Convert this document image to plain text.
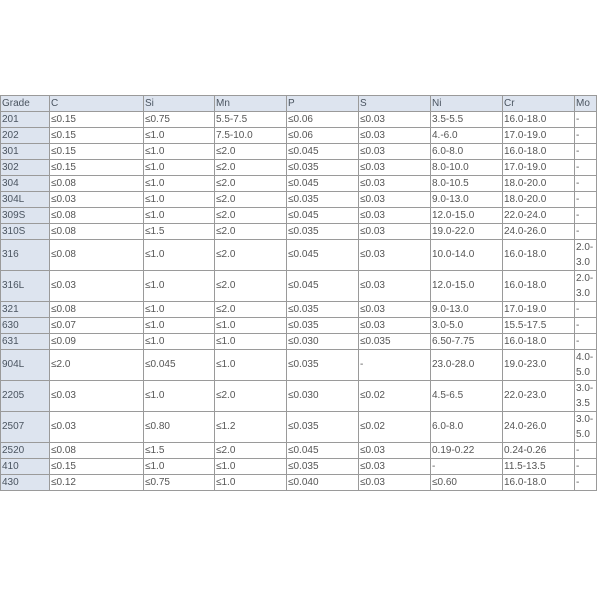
Grade	C	Si	Mn	P	S	Ni	Cr	Mo
201	≤0.15	≤0.75	5.5-7.5	≤0.06	≤0.03	3.5-5.5	16.0-18.0	-
202	≤0.15	≤1.0	7.5-10.0	≤0.06	≤0.03	4.-6.0	17.0-19.0	-
301	≤0.15	≤1.0	≤2.0	≤0.045	≤0.03	6.0-8.0	16.0-18.0	-
302	≤0.15	≤1.0	≤2.0	≤0.035	≤0.03	8.0-10.0	17.0-19.0	-
304	≤0.08	≤1.0	≤2.0	≤0.045	≤0.03	8.0-10.5	18.0-20.0	-
304L	≤0.03	≤1.0	≤2.0	≤0.035	≤0.03	9.0-13.0	18.0-20.0	-
309S	≤0.08	≤1.0	≤2.0	≤0.045	≤0.03	12.0-15.0	22.0-24.0	-
310S	≤0.08	≤1.5	≤2.0	≤0.035	≤0.03	19.0-22.0	24.0-26.0	-
316	≤0.08	≤1.0	≤2.0	≤0.045	≤0.03	10.0-14.0	16.0-18.0	2.0-3.0
316L	≤0.03	≤1.0	≤2.0	≤0.045	≤0.03	12.0-15.0	16.0-18.0	2.0-3.0
321	≤0.08	≤1.0	≤2.0	≤0.035	≤0.03	9.0-13.0	17.0-19.0	-
630	≤0.07	≤1.0	≤1.0	≤0.035	≤0.03	3.0-5.0	15.5-17.5	-
631	≤0.09	≤1.0	≤1.0	≤0.030	≤0.035	6.50-7.75	16.0-18.0	-
904L	≤2.0	≤0.045	≤1.0	≤0.035	-	23.0-28.0	19.0-23.0	4.0-5.0
2205	≤0.03	≤1.0	≤2.0	≤0.030	≤0.02	4.5-6.5	22.0-23.0	3.0-3.5
2507	≤0.03	≤0.80	≤1.2	≤0.035	≤0.02	6.0-8.0	24.0-26.0	3.0-5.0
2520	≤0.08	≤1.5	≤2.0	≤0.045	≤0.03	0.19-0.22	0.24-0.26	-
410	≤0.15	≤1.0	≤1.0	≤0.035	≤0.03	-	11.5-13.5	-
430	≤0.12	≤0.75	≤1.0	≤0.040	≤0.03	≤0.60	16.0-18.0	-
